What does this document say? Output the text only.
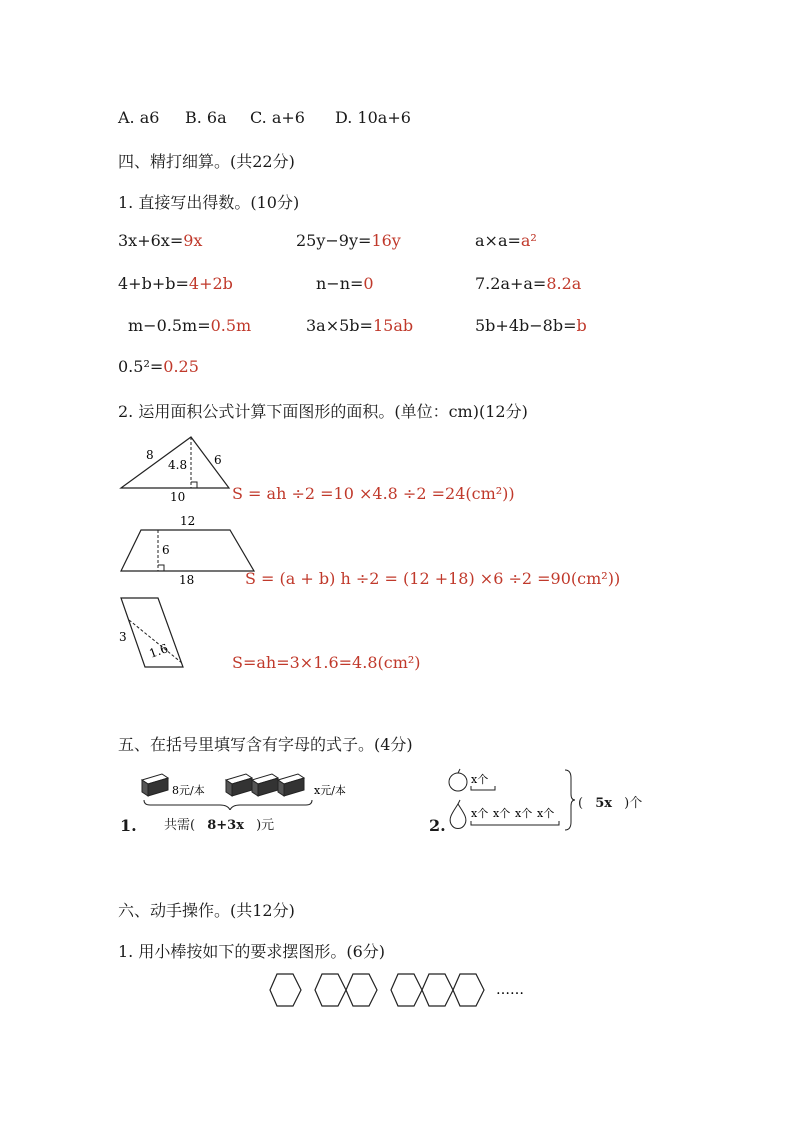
A. a6 B. 6a C. a+6 D. 10a+6
四、精打细算。(共22分)
1. 直接写出得数。(10分)
3x+6x=9x	25y−9y=16y	a×a=a²
4+b+b=4+2b	n−n=0	7.2a+a=8.2a
m−0.5m=0.5m	3a×5b=15ab	5b+4b−8b=b
0.5²=0.25
2. 运用面积公式计算下面图形的面积。(单位：cm)(12分)
8
4.8 6
10	S = ah ÷2 =10 ×4.8 ÷2 =24(cm²))
12
6
18	S = (a + b) h ÷2 = (12 +18) ×6 ÷2 =90(cm²))
3
1.6
S=ah=3×1.6=4.8(cm²)
五、在括号里填写含有字母的式子。(4分)
8元/本	x元/本
1. 共需( 8+3x )元
x个
x个 x个 x个 x个
2.
( 5x )个
六、动手操作。(共12分)
1. 用小棒按如下的要求摆图形。(6分)
……
